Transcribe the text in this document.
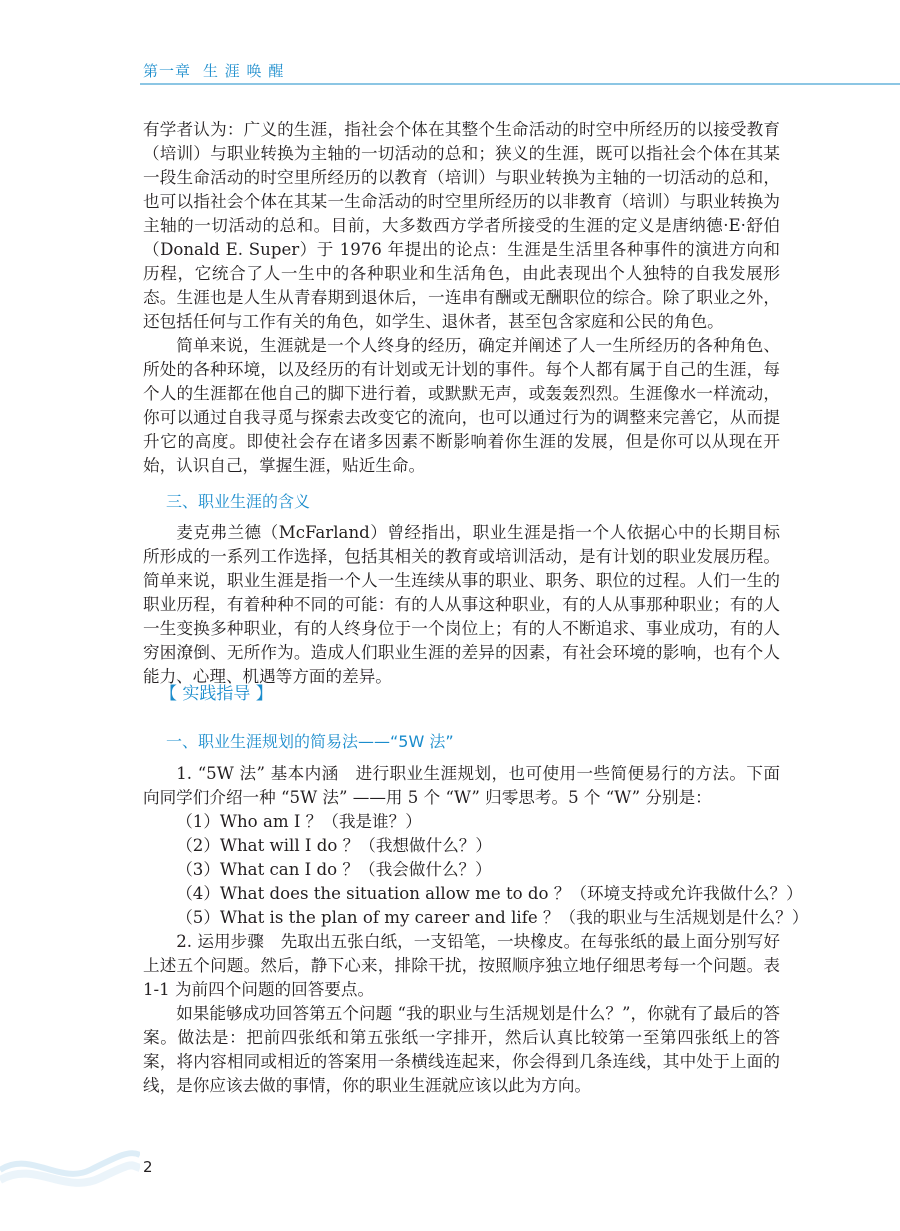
第一章 生 涯 唤 醒

有学者认为：广义的生涯，指社会个体在其整个生命活动的时空中所经历的以接受教育（培训）与职业转换为主轴的一切活动的总和；狭义的生涯，既可以指社会个体在其某一段生命活动的时空里所经历的以教育（培训）与职业转换为主轴的一切活动的总和，也可以指社会个体在其某一生命活动的时空里所经历的以非教育（培训）与职业转换为主轴的一切活动的总和。目前，大多数西方学者所接受的生涯的定义是唐纳德·E·舒伯（Donald E. Super）于 1976 年提出的论点：生涯是生活里各种事件的演进方向和历程，它统合了人一生中的各种职业和生活角色，由此表现出个人独特的自我发展形态。生涯也是人生从青春期到退休后，一连串有酬或无酬职位的综合。除了职业之外，还包括任何与工作有关的角色，如学生、退休者，甚至包含家庭和公民的角色。

简单来说，生涯就是一个人终身的经历，确定并阐述了人一生所经历的各种角色、所处的各种环境，以及经历的有计划或无计划的事件。每个人都有属于自己的生涯，每个人的生涯都在他自己的脚下进行着，或默默无声，或轰轰烈烈。生涯像水一样流动，你可以通过自我寻觅与探索去改变它的流向，也可以通过行为的调整来完善它，从而提升它的高度。即使社会存在诸多因素不断影响着你生涯的发展，但是你可以从现在开始，认识自己，掌握生涯，贴近生命。

三、职业生涯的含义

麦克弗兰德（McFarland）曾经指出，职业生涯是指一个人依据心中的长期目标所形成的一系列工作选择，包括其相关的教育或培训活动，是有计划的职业发展历程。简单来说，职业生涯是指一个人一生连续从事的职业、职务、职位的过程。人们一生的职业历程，有着种种不同的可能：有的人从事这种职业，有的人从事那种职业；有的人一生变换多种职业，有的人终身位于一个岗位上；有的人不断追求、事业成功，有的人穷困潦倒、无所作为。造成人们职业生涯的差异的因素，有社会环境的影响，也有个人能力、心理、机遇等方面的差异。

【 实践指导 】
一、职业生涯规划的简易法——“5W 法”

1. “5W 法” 基本内涵　进行职业生涯规划，也可使用一些简便易行的方法。下面向同学们介绍一种 “5W 法” ——用 5 个 “W” 归零思考。5 个 “W” 分别是：

（1）Who am I ？（我是谁？）

（2）What will I do ？（我想做什么？）

（3）What can I do ？（我会做什么？）

（4）What does the situation allow me to do ？（环境支持或允许我做什么？）

（5）What is the plan of my career and life ？（我的职业与生活规划是什么？）

2. 运用步骤　先取出五张白纸，一支铅笔，一块橡皮。在每张纸的最上面分别写好上述五个问题。然后，静下心来，排除干扰，按照顺序独立地仔细思考每一个问题。表 1-1 为前四个问题的回答要点。

如果能够成功回答第五个问题 “我的职业与生活规划是什么？”，你就有了最后的答案。做法是：把前四张纸和第五张纸一字排开，然后认真比较第一至第四张纸上的答案，将内容相同或相近的答案用一条横线连起来，你会得到几条连线，其中处于上面的线，是你应该去做的事情，你的职业生涯就应该以此为方向。

2
